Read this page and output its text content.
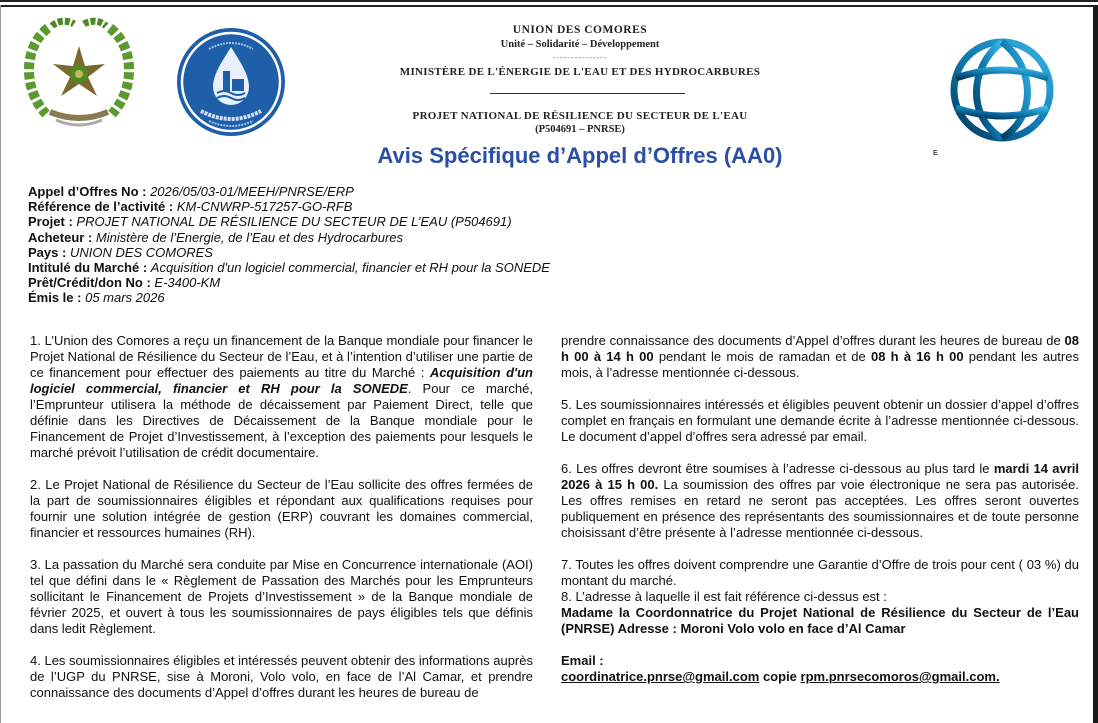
E
UNION DES COMORES
Unité – Solidarité – Développement
---------------
MINISTÈRE DE L'ÉNERGIE DE L'EAU ET DES HYDROCARBURES
PROJET NATIONAL DE RÉSILIENCE DU SECTEUR DE L'EAU
(P504691 – PNRSE)
Avis Spécifique d’Appel d’Offres (AA0)
Appel d’Offres No : 2026/05/03-01/MEEH/PNRSE/ERP
Référence de l’activité : KM-CNWRP-517257-GO-RFB
Projet : PROJET NATIONAL DE RÉSILIENCE DU SECTEUR DE L’EAU (P504691)
Acheteur : Ministère de l’Energie, de l’Eau et des Hydrocarbures
Pays : UNION DES COMORES
Intitulé du Marché : Acquisition d'un logiciel commercial, financier et RH pour la SONEDE
Prêt/Crédit/don No : E-3400-KM
Émis le : 05 mars 2026

1. L’Union des Comores a reçu un financement de la Banque mondiale pour financer le Projet National de Résilience du Secteur de l’Eau, et à l’intention d’utiliser une partie de ce financement pour effectuer des paiements au titre du Marché : Acquisition d'un logiciel commercial, financier et RH pour la SONEDE. Pour ce marché, l’Emprunteur utilisera la méthode de décaissement par Paiement Direct, telle que définie dans les Directives de Décaissement de la Banque mondiale pour le Financement de Projet d’Investissement, à l’exception des paiements pour lesquels le marché prévoit l’utilisation de crédit documentaire.

2. Le Projet National de Résilience du Secteur de l’Eau sollicite des offres fermées de la part de soumissionnaires éligibles et répondant aux qualifications requises pour fournir une solution intégrée de gestion (ERP) couvrant les domaines commercial, financier et ressources humaines (RH).

3. La passation du Marché sera conduite par Mise en Concurrence internationale (AOI) tel que défini dans le « Règlement de Passation des Marchés pour les Emprunteurs sollicitant le Financement de Projets d’Investissement » de la Banque mondiale de février 2025, et ouvert à tous les soumissionnaires de pays éligibles tels que définis dans ledit Règlement.

4. Les soumissionnaires éligibles et intéressés peuvent obtenir des informations auprès de l’UGP du PNRSE, sise à Moroni, Volo volo, en face de l’Al Camar, et prendre connaissance des documents d’Appel d’offres durant les heures de bureau de

prendre connaissance des documents d’Appel d’offres durant les heures de bureau de 08 h 00 à 14 h 00 pendant le mois de ramadan et de 08 h à 16 h 00 pendant les autres mois, à l’adresse mentionnée ci-dessous.

5. Les soumissionnaires intéressés et éligibles peuvent obtenir un dossier d’appel d’offres complet en français en formulant une demande écrite à l’adresse mentionnée ci-dessous. Le document d’appel d’offres sera adressé par email.

6. Les offres devront être soumises à l’adresse ci-dessous au plus tard le mardi 14 avril 2026 à 15 h 00. La soumission des offres par voie électronique ne sera pas autorisée. Les offres remises en retard ne seront pas acceptées. Les offres seront ouvertes publiquement en présence des représentants des soumissionnaires et de toute personne choisissant d’être présente à l’adresse mentionnée ci-dessous.

7. Toutes les offres doivent comprendre une Garantie d’Offre de trois pour cent ( 03 %) du montant du marché.

8. L’adresse à laquelle il est fait référence ci-dessus est :

Madame la Coordonnatrice du Projet National de Résilience du Secteur de l’Eau (PNRSE) Adresse : Moroni Volo volo en face d’Al Camar

Email :

coordinatrice.pnrse@gmail.com copie rpm.pnrsecomoros@gmail.com.
